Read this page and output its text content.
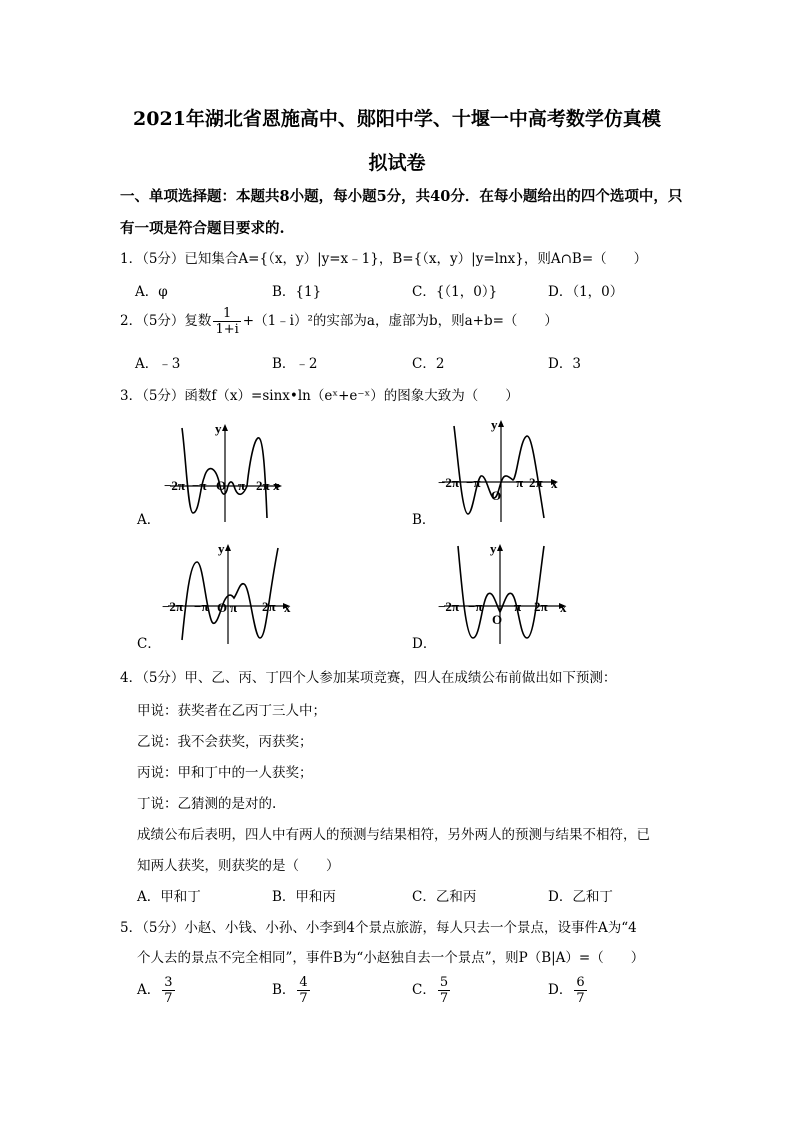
2021年湖北省恩施高中、郧阳中学、十堰一中高考数学仿真模
拟试卷
一、单项选择题：本题共8小题，每小题5分，共40分．在每小题给出的四个选项中，只
有一项是符合题目要求的.
1．（5分）已知集合A={（x，y）|y=x﹣1}，B={（x，y）|y=lnx}，则A∩B=（　　）
A．φ	B．{1}	C．{（1，0）}	D．（1，0）
2．（5分）复数 $\frac{1}{1+i}$ +（1﹣i）²的实部为a，虚部为b，则a+b=（　　）
A．﹣3	B．﹣2	C．2	D．3
3．（5分）函数f（x）=sinx•ln（eˣ+e⁻ˣ）的图象大致为（　　）
A．	B．
C．	D．
y
x
−2π −π O π 2π
y
x
−2π −π
O
π 2π
y
x
−2π −π O π 2π
y
x
−2π −π
O
π 2π
4．（5分）甲、乙、丙、丁四个人参加某项竞赛，四人在成绩公布前做出如下预测：
甲说：获奖者在乙丙丁三人中；
乙说：我不会获奖，丙获奖；
丙说：甲和丁中的一人获奖；
丁说：乙猜测的是对的.
成绩公布后表明，四人中有两人的预测与结果相符，另外两人的预测与结果不相符，已
知两人获奖，则获奖的是（　　）
A．甲和丁	B．甲和丙	C．乙和丙	D．乙和丁
5．（5分）小赵、小钱、小孙、小李到4个景点旅游，每人只去一个景点，设事件A为“4
个人去的景点不完全相同”，事件B为“小赵独自去一个景点”，则P（B|A）=（　　）
A． $\frac{3}{7}$	B． $\frac{4}{7}$	C． $\frac{5}{7}$	D． $\frac{6}{7}$
